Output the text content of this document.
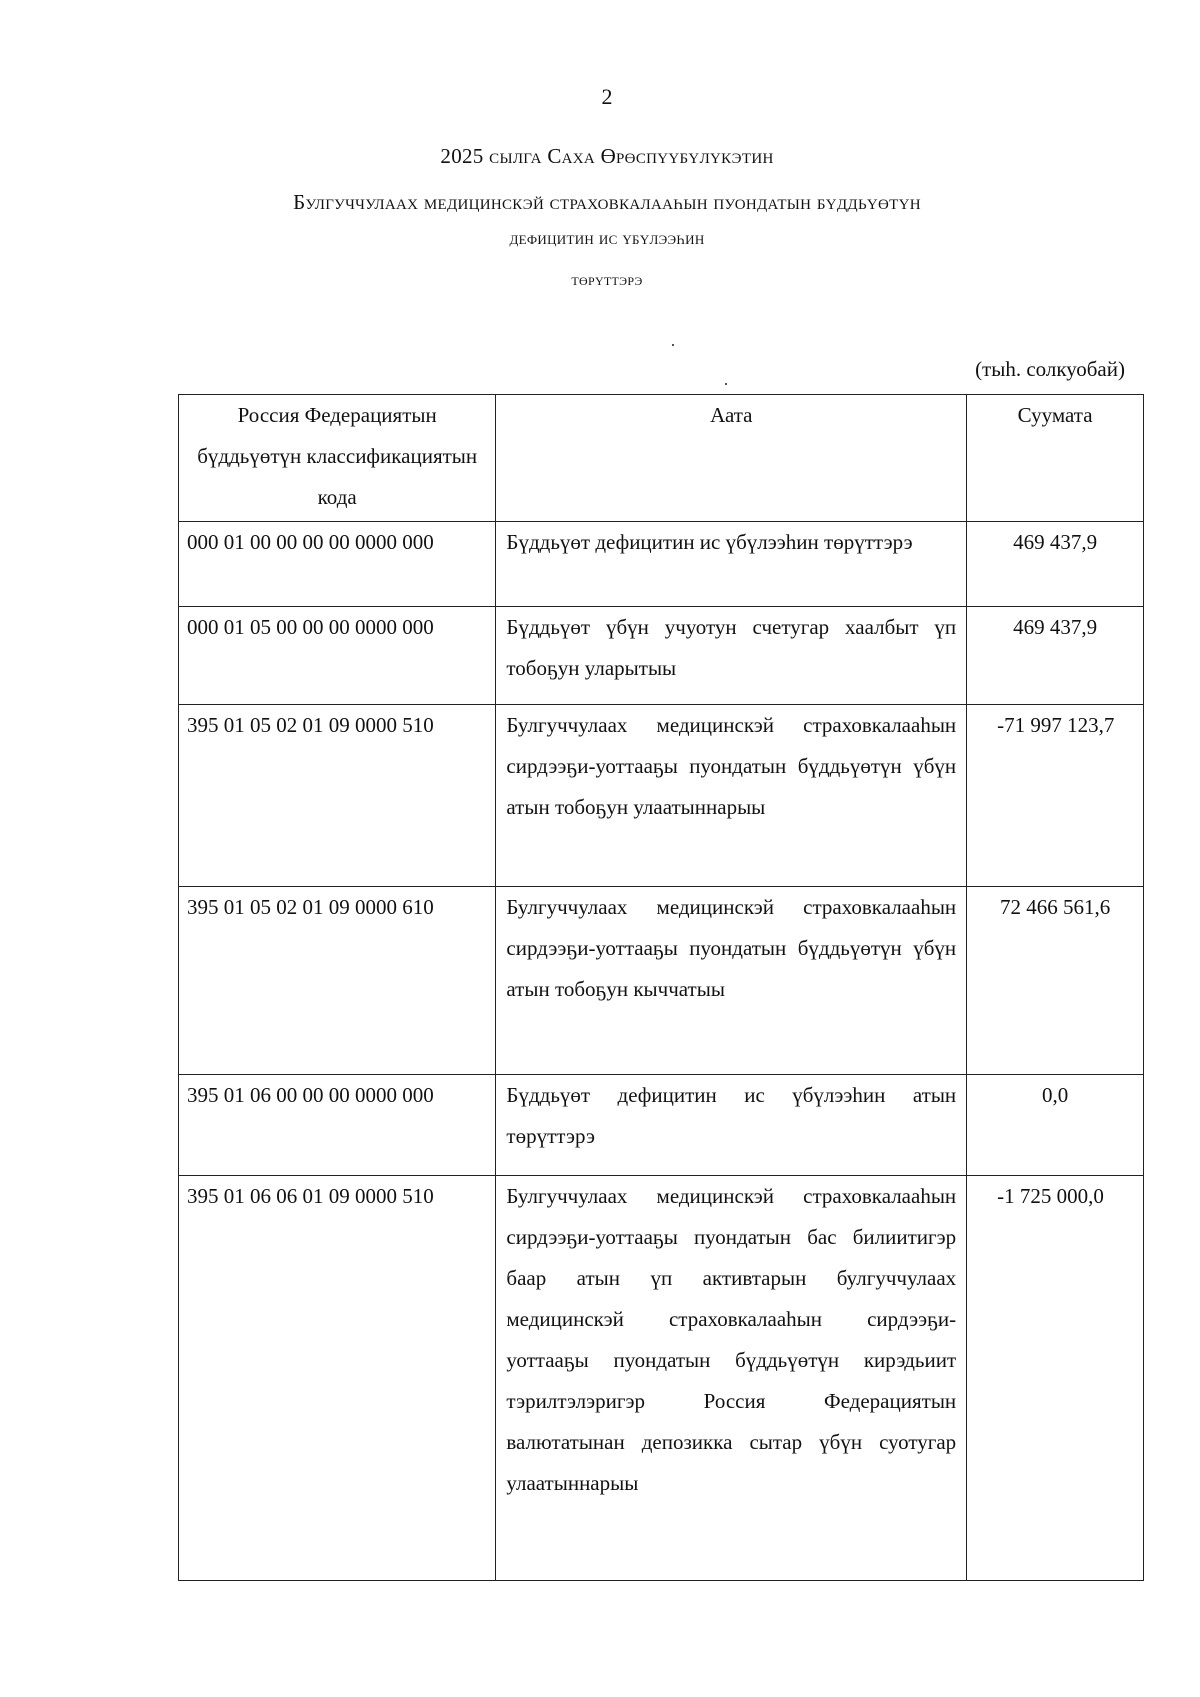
2
2025 сылга Саха Өрөспүүбүлүкэтин
Булгуччулаах медицинскэй страховкалааһын пуондатын бүддьүөтүн
дефицитин ис үбүлээһин
төрүттэрэ
(тыһ. солкуобай)
Россия Федерациятын бүддьүөтүн классификациятын кода	Аата	Суумата
000 01 00 00 00 00 0000 000	Бүддьүөт дефицитин ис үбүлээһин төрүттэрэ	469 437,9
000 01 05 00 00 00 0000 000	Бүддьүөт үбүн учуотун счетугар хаалбыт үп тобоҕун уларытыы	469 437,9
395 01 05 02 01 09 0000 510	Булгуччулаах медицинскэй страховкалааһын сирдээҕи-уоттааҕы пуондатын бүддьүөтүн үбүн атын тобоҕун улаатыннарыы	-71 997 123,7
395 01 05 02 01 09 0000 610	Булгуччулаах медицинскэй страховкалааһын сирдээҕи-уоттааҕы пуондатын бүддьүөтүн үбүн атын тобоҕун кыччатыы	72 466 561,6
395 01 06 00 00 00 0000 000	Бүддьүөт дефицитин ис үбүлээһин атын төрүттэрэ	0,0
395 01 06 06 01 09 0000 510	Булгуччулаах медицинскэй страховкалааһын сирдээҕи-уоттааҕы пуондатын бас билиитигэр баар атын үп активтарын булгуччулаах медицинскэй страховкалааһын сирдээҕи-уоттааҕы пуондатын бүддьүөтүн кирэдьиит тэрилтэлэригэр Россия Федерациятын валютатынан депозикка сытар үбүн суотугар улаатыннарыы	-1 725 000,0
